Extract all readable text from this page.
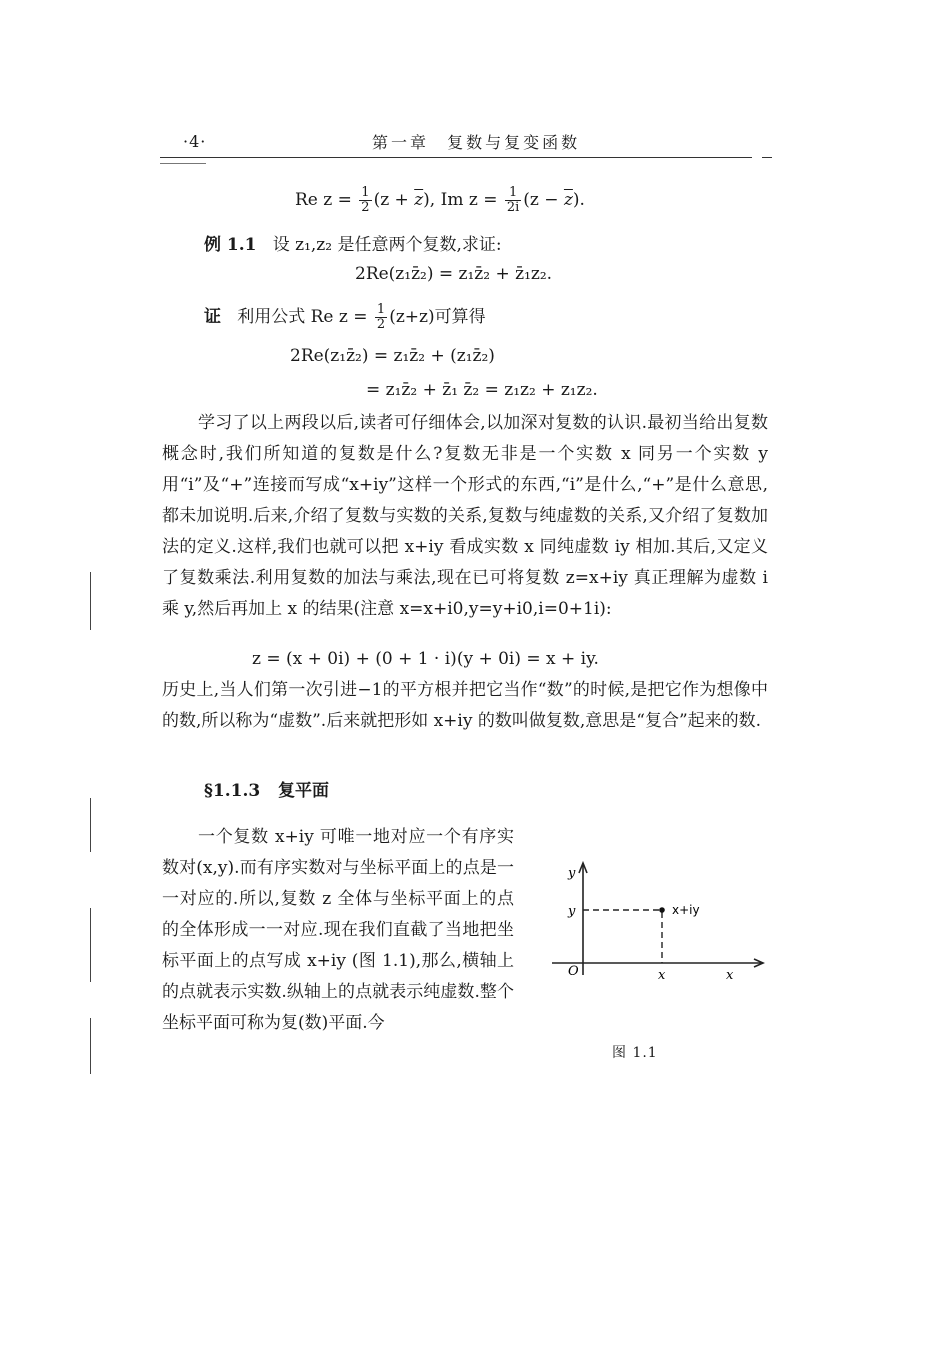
·4·	第一章 复数与复变函数
Re $z = \frac{1}{2} (z + \overline{z})$, Im $z = \frac{1}{2i} (z - \overline{z})$.
例 1.1 设 z₁,z₂ 是任意两个复数,求证:
2Re(z₁z̄₂) = z₁z̄₂ + z̄₁z₂.
证 利用公式 Re $z = \frac{1}{2} (z+z)$可算得
2Re(z₁z̄₂) = z₁z̄₂ + (z₁z̄₂)
= z₁z̄₂ + z̄₁ z̄₂ = z₁z₂ + z₁z₂.
学习了以上两段以后,读者可仔细体会,以加深对复数的认识.最初当给出复数概念时,我们所知道的复数是什么?复数无非是一个实数 x 同另一个实数 y 用“i”及“+”连接而写成“x+iy”这样一个形式的东西,“i”是什么,“+”是什么意思,都未加说明.后来,介绍了复数与实数的关系,复数与纯虚数的关系,又介绍了复数加法的定义.这样,我们也就可以把 x+iy 看成实数 x 同纯虚数 iy 相加.其后,又定义了复数乘法.利用复数的加法与乘法,现在已可将复数 z=x+iy 真正理解为虚数 i 乘 y,然后再加上 x 的结果(注意 x=x+i0,y=y+i0,i=0+1i):
z = (x + 0i) + (0 + 1 · i)(y + 0i) = x + iy.
历史上,当人们第一次引进−1的平方根并把它当作“数”的时候,是把它作为想像中的数,所以称为“虚数”.后来就把形如 x+iy 的数叫做复数,意思是“复合”起来的数.
§1.1.3 复平面
一个复数 x+iy 可唯一地对应一个有序实数对(x,y).而有序实数对与坐标平面上的点是一一对应的.所以,复数 z 全体与坐标平面上的点的全体形成一一对应.现在我们直截了当地把坐标平面上的点写成 x+iy (图 1.1),那么,横轴上的点就表示实数.纵轴上的点就表示纯虚数.整个坐标平面可称为复(数)平面.今
y
y
O	x	x
x+iy
图 1.1
